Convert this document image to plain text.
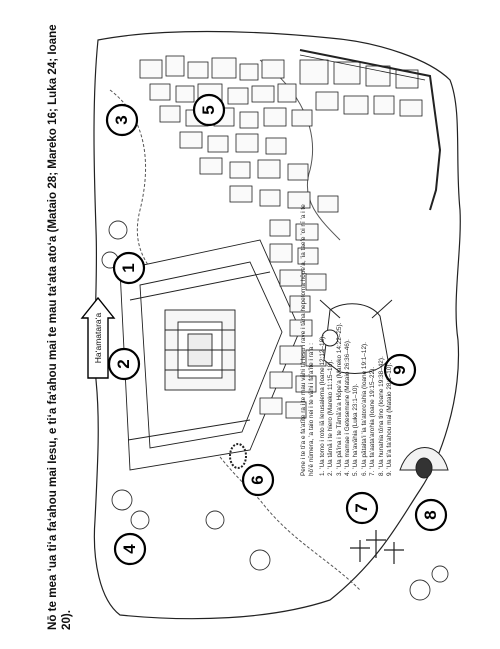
1
2
3
4
5
6
7
8
9
Haʻamataraʻa
Nō te mea ʻua tiʻa faʻahou mai Iesu, e tiʻa faʻahou mai te mau taʻata atoʻa (Mataio 28; Mareko 16; Luka 24; Ioane 20).

Pene i te tiʻa e faʻatīte ra i te mau vāhi tā Iesu i rave i tāna hepetoma hōpeʻa, ʻia taeʻe ʻoi nī ʻa i te hōʻē nūmera, ʻa taio nei i te vāhi i faʻaʻite i raʻa : 1. ʻUa tomo i roto iā Ierusalema (Ioane 12:12–18). 2. ʻUa tāmā i te hiero (Mareko 11:15–18). 3. ʻUa pāʻina i te Tāmāʻaʻa Hōpeʻa (Mareko 14:22–25). 4. ʻUa mamae i Getesemane (Mataio 26:36–46). 5. ʻUa haʻavāhia (Luka 23:1–10). 6. ʻUa pātaitaʻi ʻia faʻatoroʻahia (Ioane 19:1–12). 7. ʻUa faʻaataʻarohia (Ioane 19:15–22). 8. ʻUa hunahia tōna tino (Ioane 19:38–42). 9. ʻUa tiʻa faʻahou mai (Mataio 28:1–10).
